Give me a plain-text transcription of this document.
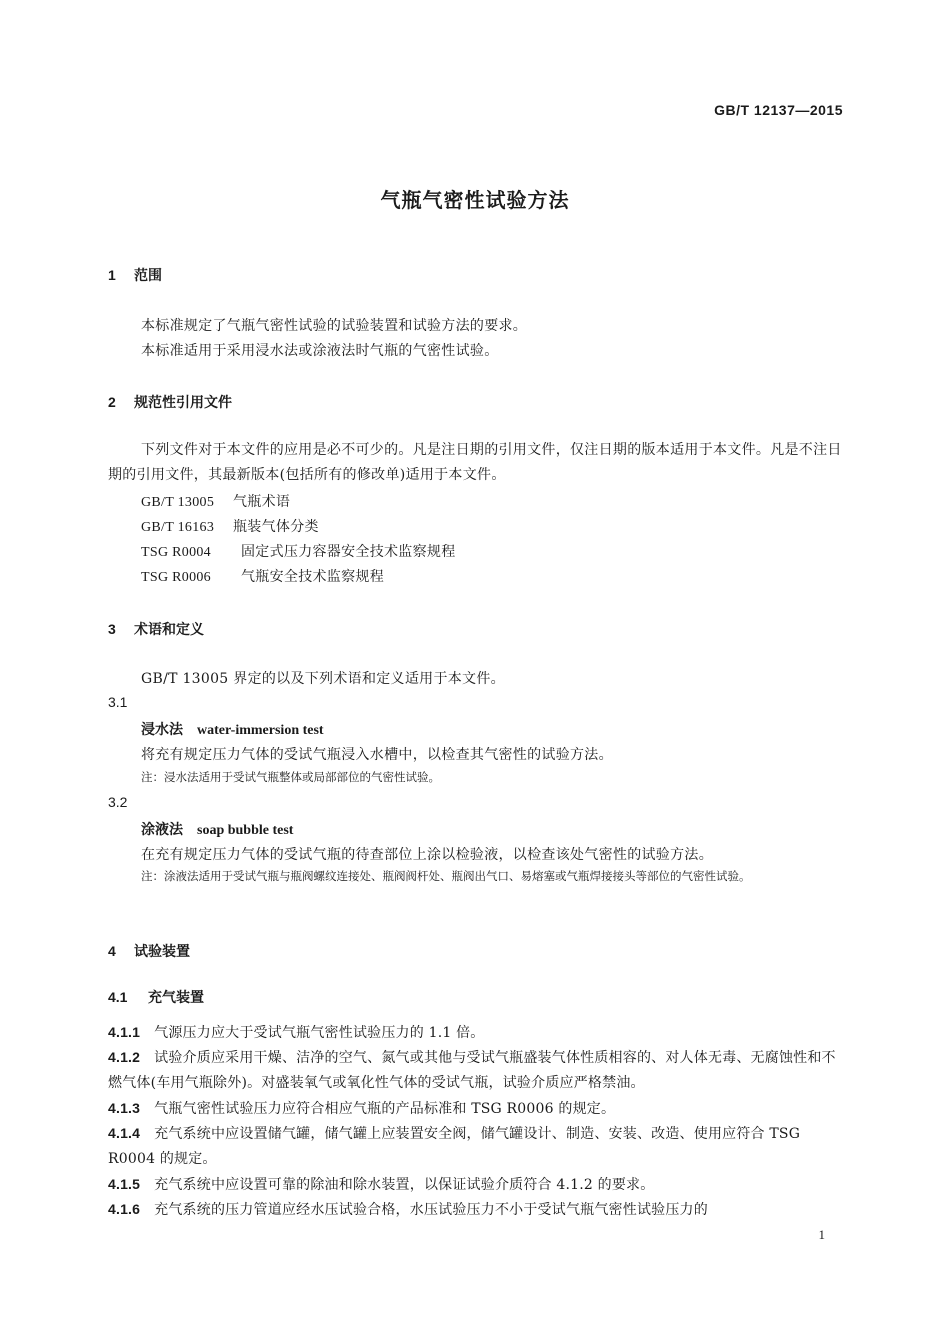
GB/T 12137—2015
气瓶气密性试验方法
1 范围
本标准规定了气瓶气密性试验的试验装置和试验方法的要求。
本标准适用于采用浸水法或涂液法时气瓶的气密性试验。
2 规范性引用文件
下列文件对于本文件的应用是必不可少的。凡是注日期的引用文件，仅注日期的版本适用于本文件。凡是不注日期的引用文件，其最新版本(包括所有的修改单)适用于本文件。
GB/T 13005 气瓶术语
GB/T 16163 瓶装气体分类
TSG R0004 固定式压力容器安全技术监察规程
TSG R0006 气瓶安全技术监察规程
3 术语和定义
GB/T 13005 界定的以及下列术语和定义适用于本文件。
3.1
浸水法 water-immersion test
将充有规定压力气体的受试气瓶浸入水槽中，以检查其气密性的试验方法。
注：浸水法适用于受试气瓶整体或局部部位的气密性试验。
3.2
涂液法 soap bubble test
在充有规定压力气体的受试气瓶的待查部位上涂以检验液，以检查该处气密性的试验方法。
注：涂液法适用于受试气瓶与瓶阀螺纹连接处、瓶阀阀杆处、瓶阀出气口、易熔塞或气瓶焊接接头等部位的气密性试验。
4 试验装置
4.1 充气装置
4.1.1 气源压力应大于受试气瓶气密性试验压力的 1.1 倍。
4.1.2 试验介质应采用干燥、洁净的空气、氮气或其他与受试气瓶盛装气体性质相容的、对人体无毒、无腐蚀性和不燃气体(车用气瓶除外)。对盛装氧气或氧化性气体的受试气瓶，试验介质应严格禁油。
4.1.3 气瓶气密性试验压力应符合相应气瓶的产品标准和 TSG R0006 的规定。
4.1.4 充气系统中应设置储气罐，储气罐上应装置安全阀，储气罐设计、制造、安装、改造、使用应符合 TSG R0004 的规定。
4.1.5 充气系统中应设置可靠的除油和除水装置，以保证试验介质符合 4.1.2 的要求。
4.1.6 充气系统的压力管道应经水压试验合格，水压试验压力不小于受试气瓶气密性试验压力的
1
